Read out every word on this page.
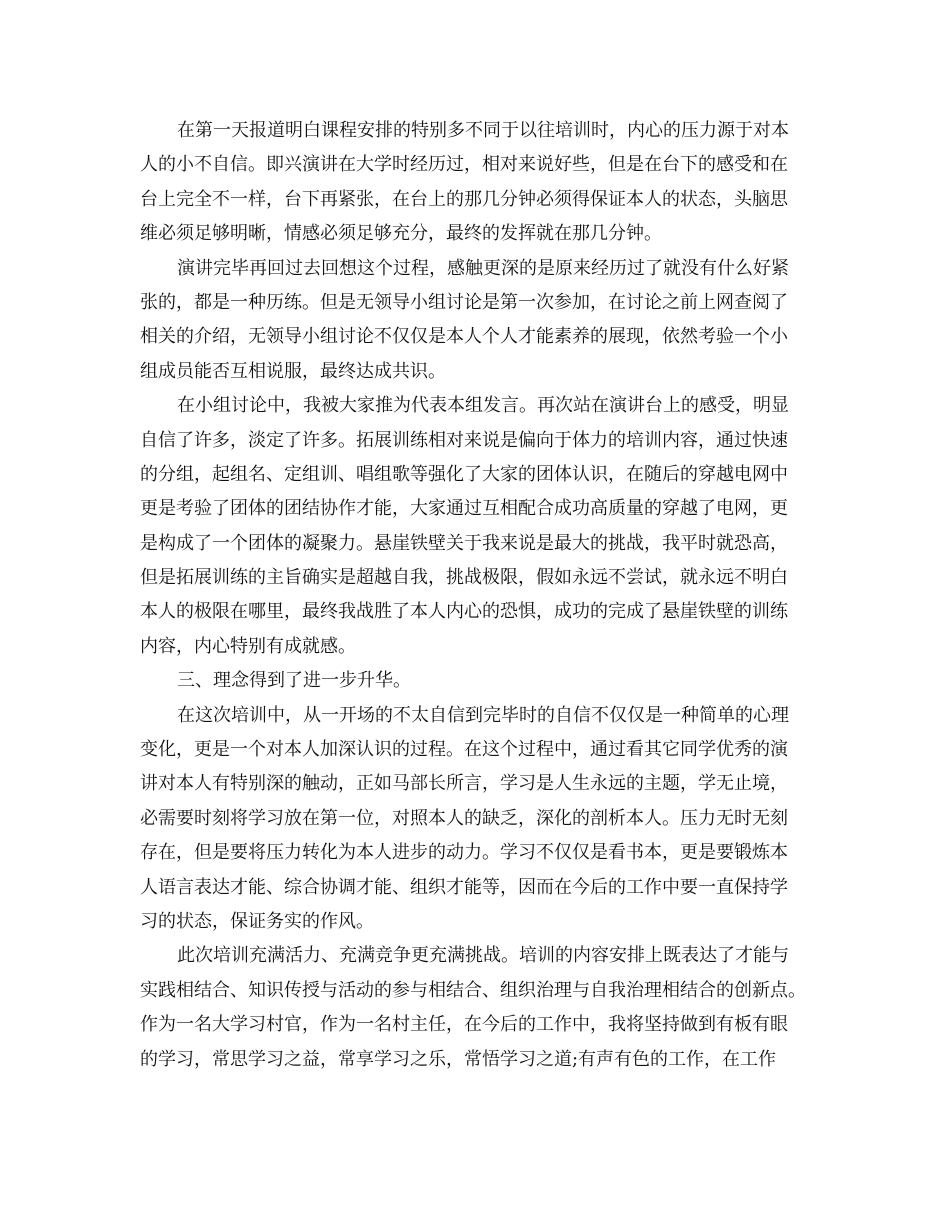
在第一天报道明白课程安排的特别多不同于以往培训时，内心的压力源于对本
人的小不自信。即兴演讲在大学时经历过，相对来说好些，但是在台下的感受和在
台上完全不一样，台下再紧张，在台上的那几分钟必须得保证本人的状态，头脑思
维必须足够明晰，情感必须足够充分，最终的发挥就在那几分钟。
演讲完毕再回过去回想这个过程，感触更深的是原来经历过了就没有什么好紧
张的，都是一种历练。但是无领导小组讨论是第一次参加，在讨论之前上网查阅了
相关的介绍，无领导小组讨论不仅仅是本人个人才能素养的展现，依然考验一个小
组成员能否互相说服，最终达成共识。
在小组讨论中，我被大家推为代表本组发言。再次站在演讲台上的感受，明显
自信了许多，淡定了许多。拓展训练相对来说是偏向于体力的培训内容，通过快速
的分组，起组名、定组训、唱组歌等强化了大家的团体认识，在随后的穿越电网中
更是考验了团体的团结协作才能，大家通过互相配合成功高质量的穿越了电网，更
是构成了一个团体的凝聚力。悬崖铁壁关于我来说是最大的挑战，我平时就恐高，
但是拓展训练的主旨确实是超越自我，挑战极限，假如永远不尝试，就永远不明白
本人的极限在哪里，最终我战胜了本人内心的恐惧，成功的完成了悬崖铁壁的训练
内容，内心特别有成就感。
三、理念得到了进一步升华。
在这次培训中，从一开场的不太自信到完毕时的自信不仅仅是一种简单的心理
变化，更是一个对本人加深认识的过程。在这个过程中，通过看其它同学优秀的演
讲对本人有特别深的触动，正如马部长所言，学习是人生永远的主题，学无止境，
必需要时刻将学习放在第一位，对照本人的缺乏，深化的剖析本人。压力无时无刻
存在，但是要将压力转化为本人进步的动力。学习不仅仅是看书本，更是要锻炼本
人语言表达才能、综合协调才能、组织才能等，因而在今后的工作中要一直保持学
习的状态，保证务实的作风。
此次培训充满活力、充满竞争更充满挑战。培训的内容安排上既表达了才能与
实践相结合、知识传授与活动的参与相结合、组织治理与自我治理相结合的创新点。
作为一名大学习村官，作为一名村主任，在今后的工作中，我将坚持做到有板有眼
的学习，常思学习之益，常享学习之乐，常悟学习之道;有声有色的工作，在工作
